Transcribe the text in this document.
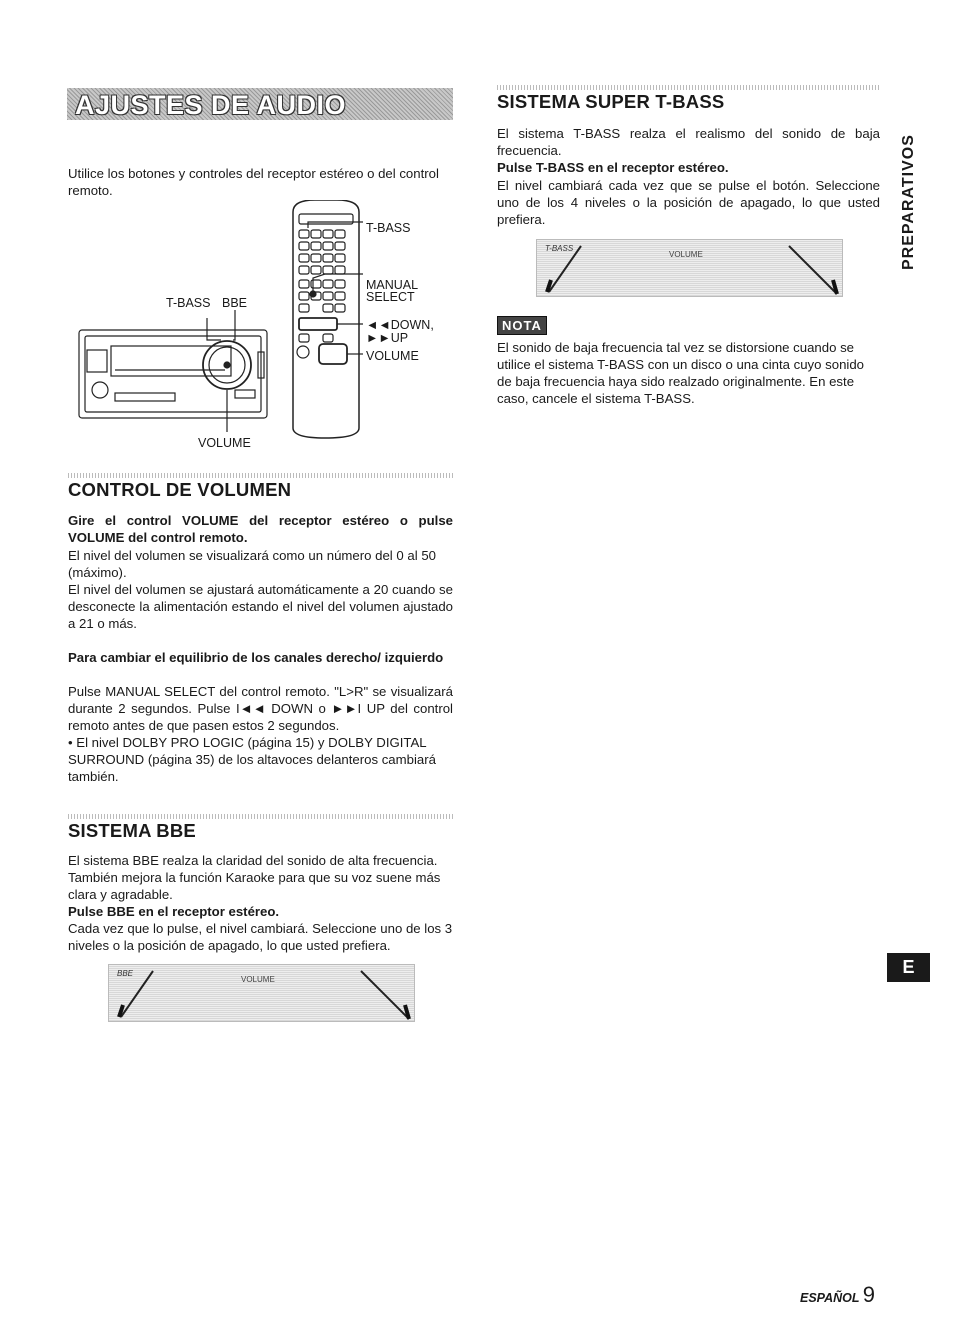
AJUSTES DE AUDIO

Utilice los botones y controles del receptor estéreo o del control remoto.

T-BASS BBE
VOLUME
T-BASS
MANUAL
SELECT
◄◄DOWN,
►►UP
VOLUME
CONTROL DE VOLUMEN

Gire el control VOLUME del receptor estéreo o pulse VOLUME del control remoto.

El nivel del volumen se visualizará como un número del 0 al 50 (máximo).

El nivel del volumen se ajustará automáticamente a 20 cuando se desconecte la alimentación estando el nivel del volumen ajustado a 21 o más.

Para cambiar el equilibrio de los canales derecho/ izquierdo

Pulse MANUAL SELECT del control remoto. "L>R" se visualizará durante 2 segundos. Pulse I◄◄ DOWN o ►►I UP del control remoto antes de que pasen estos 2 segundos.

• El nivel DOLBY PRO LOGIC (página 15) y DOLBY DIGITAL SURROUND (página 35) de los altavoces delanteros cambiará también.

SISTEMA BBE

El sistema BBE realza la claridad del sonido de alta frecuencia. También mejora la función Karaoke para que su voz suene más clara y agradable.

Pulse BBE en el receptor estéreo.

Cada vez que lo pulse, el nivel cambiará. Seleccione uno de los 3 niveles o la posición de apagado, lo que usted prefiera.

BBE
VOLUME
SISTEMA SUPER T-BASS

El sistema T-BASS realza el realismo del sonido de baja frecuencia.

Pulse T-BASS en el receptor estéreo.

El nivel cambiará cada vez que se pulse el botón. Seleccione uno de los 4 niveles o la posición de apagado, lo que usted prefiera.

T-BASS
VOLUME
NOTA

El sonido de baja frecuencia tal vez se distorsione cuando se utilice el sistema T-BASS con un disco o una cinta cuyo sonido de baja frecuencia haya sido realzado originalmente. En este caso, cancele el sistema T-BASS.

PREPARATIVOS
E
ESPAÑOL 9
